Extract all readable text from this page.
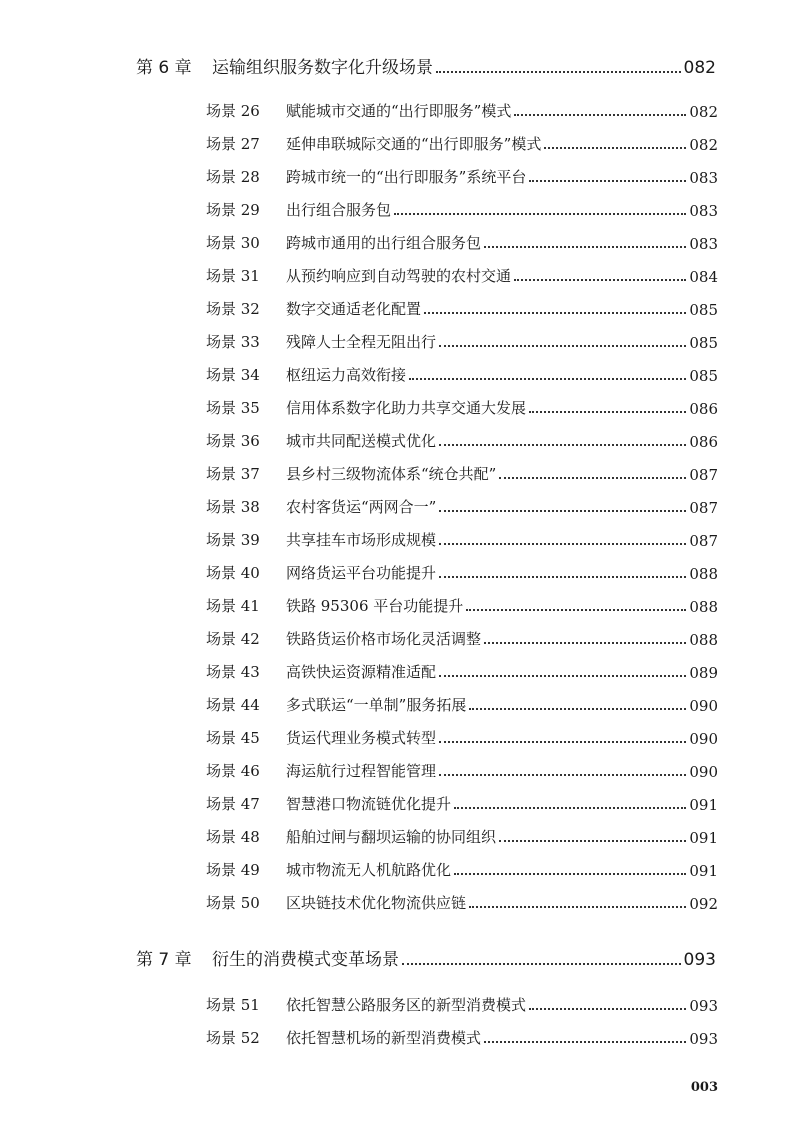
第 6 章	运输组织服务数字化升级场景	082
场景 26	赋能城市交通的“出行即服务”模式	082
场景 27	延伸串联城际交通的“出行即服务”模式	082
场景 28	跨城市统一的“出行即服务”系统平台	083
场景 29	出行组合服务包	083
场景 30	跨城市通用的出行组合服务包	083
场景 31	从预约响应到自动驾驶的农村交通	084
场景 32	数字交通适老化配置	085
场景 33	残障人士全程无阻出行	085
场景 34	枢纽运力高效衔接	085
场景 35	信用体系数字化助力共享交通大发展	086
场景 36	城市共同配送模式优化	086
场景 37	县乡村三级物流体系“统仓共配”	087
场景 38	农村客货运“两网合一”	087
场景 39	共享挂车市场形成规模	087
场景 40	网络货运平台功能提升	088
场景 41	铁路 95306 平台功能提升	088
场景 42	铁路货运价格市场化灵活调整	088
场景 43	高铁快运资源精准适配	089
场景 44	多式联运“一单制”服务拓展	090
场景 45	货运代理业务模式转型	090
场景 46	海运航行过程智能管理	090
场景 47	智慧港口物流链优化提升	091
场景 48	船舶过闸与翻坝运输的协同组织	091
场景 49	城市物流无人机航路优化	091
场景 50	区块链技术优化物流供应链	092
第 7 章	衍生的消费模式变革场景	093
场景 51	依托智慧公路服务区的新型消费模式	093
场景 52	依托智慧机场的新型消费模式	093
003
